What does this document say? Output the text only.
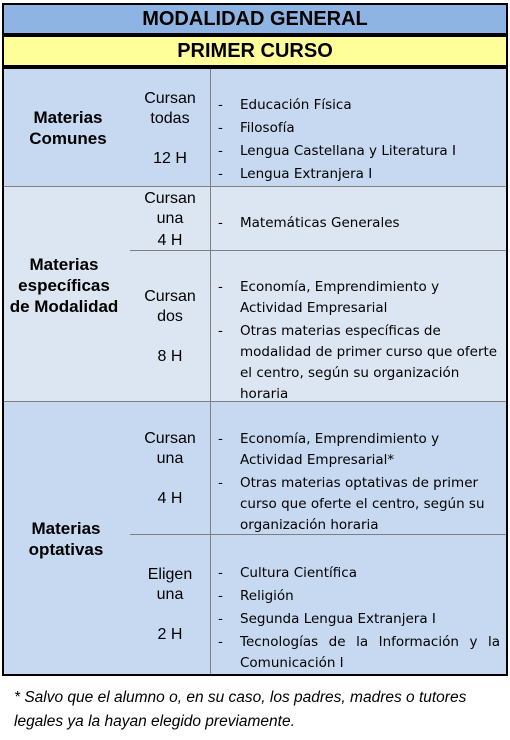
MODALIDAD GENERAL
PRIMER CURSO
Materias Comunes
Cursan todas
12 H
- Educación Física
- Filosofía
- Lengua Castellana y Literatura I
- Lengua Extranjera I
Materias específicas de Modalidad
Cursan una
4 H
- Matemáticas Generales
Cursan dos
8 H
- Economía, Emprendimiento y Actividad Empresarial
- Otras materias específicas de modalidad de primer curso que oferte el centro, según su organización horaria
Materias optativas
Cursan una
4 H
- Economía, Emprendimiento y Actividad Empresarial*
- Otras materias optativas de primer curso que oferte el centro, según su organización horaria
Eligen una
2 H
- Cultura Científica
- Religión
- Segunda Lengua Extranjera I
- Tecnologías de la Información y la Comunicación I
* Salvo que el alumno o, en su caso, los padres, madres o tutores legales ya la hayan elegido previamente.
